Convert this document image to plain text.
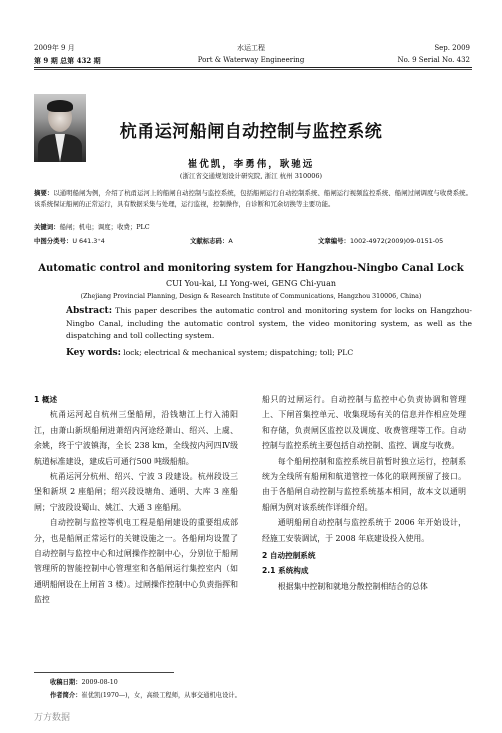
2009年 9 月
第 9 期 总第 432 期
水运工程
Port & Waterway Engineering
Sep. 2009
No. 9 Serial No. 432
杭甬运河船闸自动控制与监控系统
崔优凯，李勇伟，耿驰远
(浙江省交通规划设计研究院, 浙江 杭州 310006)
摘要：以通明船闸为例，介绍了杭甬运河上的船闸自动控制与监控系统，包括船闸运行自动控制系统、船闸运行视频监控系统、船闸过闸调度与收费系统。该系统保证船闸的正常运行，具有数据采集与处理，运行监视，控制操作，自诊断和冗余切换等主要功能。
关键词：船闸；机电；调度；收费；PLC
中图分类号：U 641.3⁺4	文献标志码：A	文章编号：1002-4972(2009)09-0151-05
Automatic control and monitoring system for Hangzhou-Ningbo Canal Lock
CUI You-kai, LI Yong-wei, GENG Chi-yuan
(Zhejiang Provincial Planning, Design & Research Institute of Communications, Hangzhou 310006, China)
Abstract: This paper describes the automatic control and monitoring system for locks on Hangzhou-Ningbo Canal, including the automatic control system, the video monitoring system, as well as the dispatching and toll collecting system.
Key words: lock; electrical & mechanical system; dispatching; toll; PLC

1 概述

杭甬运河起自杭州三堡船闸，沿钱塘江上行入浦阳江，由萧山新坝船闸进萧绍内河途经萧山、绍兴、上虞、余姚，终于宁波镇海，全长 238 km，全线按内河四Ⅳ级航道标准建设，建成后可通行500 吨级船舶。

杭甬运河分杭州、绍兴、宁波 3 段建设。杭州段设三堡和新坝 2 座船闸；绍兴段设塘角、通明、大库 3 座船闸；宁波段设蜀山、姚江、大通 3 座船闸。

自动控制与监控等机电工程是船闸建设的重要组成部分，也是船闸正常运行的关键设施之一。各船闸均设置了自动控制与监控中心和过闸操作控制中心，分别位于船闸管理所的智能控制中心管理室和各船闸运行集控室内（如通明船闸设在上闸首 3 楼）。过闸操作控制中心负责指挥和监控

船只的过闸运行。自动控制与监控中心负责协调和管理上、下闸首集控单元、收集现场有关的信息并作相应处理和存储，负责闸区监控以及调度、收费管理等工作。自动控制与监控系统主要包括自动控制、监控、调度与收费。

每个船闸控制和监控系统目前暂时独立运行，控制系统为全线所有船闸和航道管控一体化的联网预留了接口。由于各船闸自动控制与监控系统基本相同，故本文以通明船闸为例对该系统作详细介绍。

通明船闸自动控制与监控系统于 2006 年开始设计，经施工安装调试，于 2008 年底建设投入使用。

2 自动控制系统

2.1 系统构成

根据集中控制和就地分散控制相结合的总体

收稿日期：2009-08-10
作者简介：崔优凯(1970—)，女，高级工程师，从事交通机电设计。
万方数据
